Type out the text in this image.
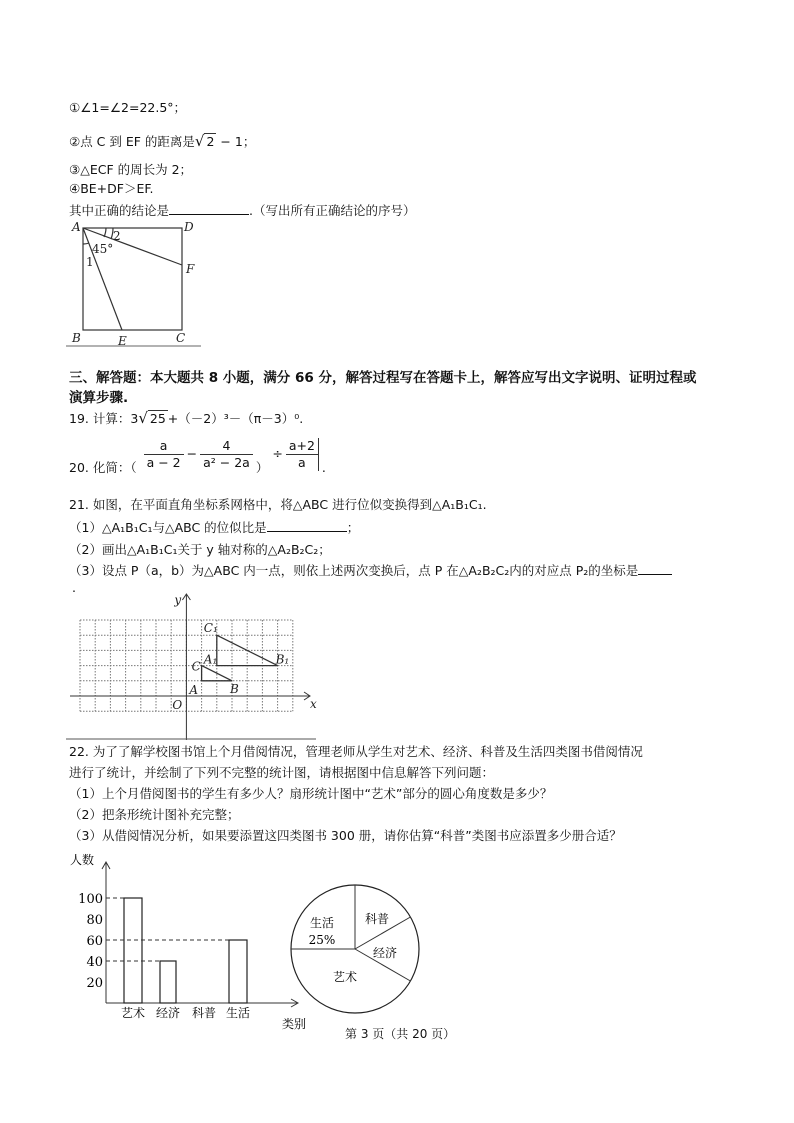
①∠1=∠2=22.5°；
②点 C 到 EF 的距离是√ 2 − 1；
③△ECF 的周长为 2；
④BE+DF＞EF.
其中正确的结论是	.（写出所有正确结论的序号）
A	D
F
B	E	C
2
45°
1
三、解答题：本大题共 8 小题，满分 66 分，解答过程写在答题卡上，解答应写出文字说明、证明过程或
演算步骤.
19. 计算：3√ 25 +（－2）³－（π－3）⁰.
20. 化简：（ $\frac{a}{a - 2} - \frac{4}{\text{a² − 2a}}$ ） ÷ $\frac{a+2}{a}$ .
21. 如图，在平面直角坐标系网格中，将△ABC 进行位似变换得到△A₁B₁C₁.
（1）△A₁B₁C₁与△ABC 的位似比是	；
（2）画出△A₁B₁C₁关于 y 轴对称的△A₂B₂C₂；
（3）设点 P（a，b）为△ABC 内一点，则依上述两次变换后，点 P 在△A₂B₂C₂内的对应点 P₂的坐标是
.
y
x
O
A	B
C A₁	B₁
C₁
22. 为了了解学校图书馆上个月借阅情况，管理老师从学生对艺术、经济、科普及生活四类图书借阅情况
进行了统计，并绘制了下列不完整的统计图，请根据图中信息解答下列问题：
（1）上个月借阅图书的学生有多少人？扇形统计图中“艺术”部分的圆心角度数是多少？
（2）把条形统计图补充完整；
（3）从借阅情况分析，如果要添置这四类图书 300 册，请你估算“科普”类图书应添置多少册合适？
人数
类别
20
40
60
80
100
艺术 经济 科普 生活
生活	科普
经济
艺术
25%
第 3 页（共 20 页）
